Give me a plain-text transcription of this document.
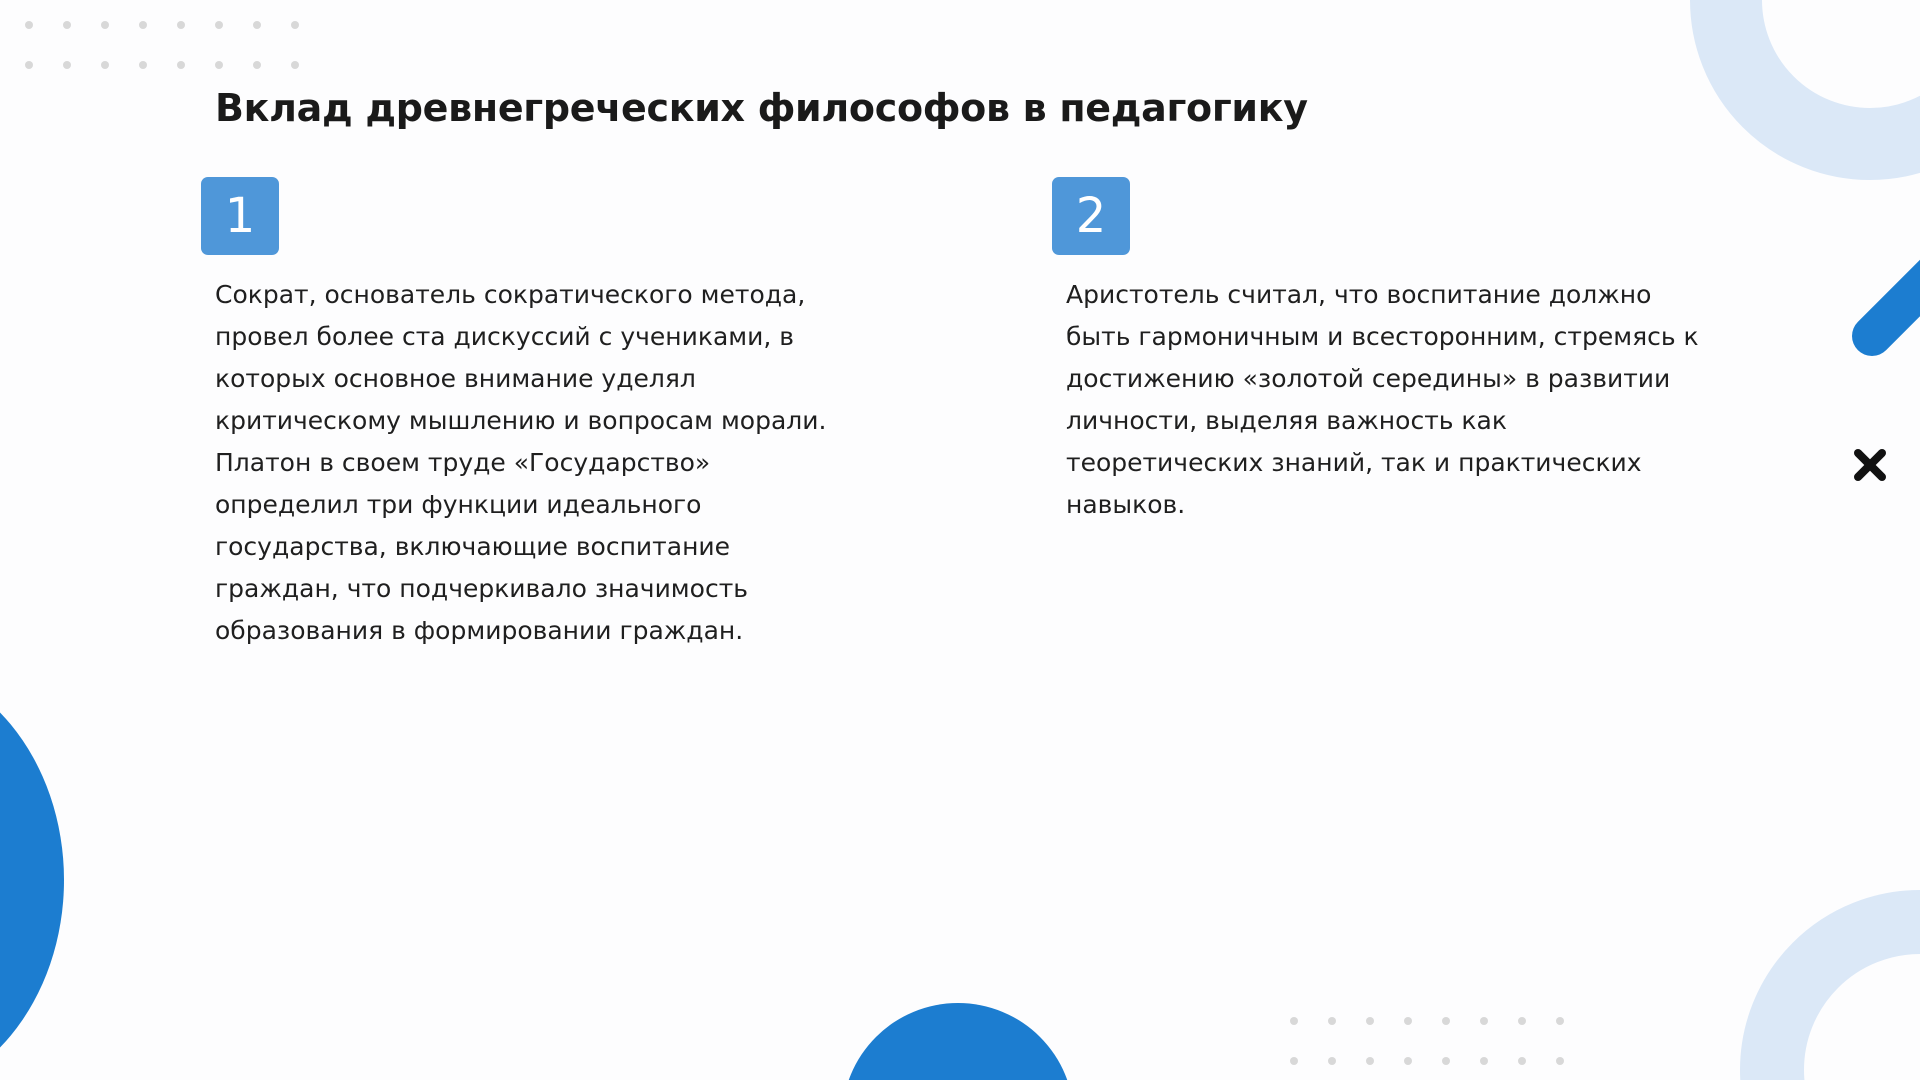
Вклад древнегреческих философов в педагогику
1

Сократ, основатель сократического метода, провел более ста дискуссий с учениками, в которых основное внимание уделял критическому мышлению и вопросам морали. Платон в своем труде «Государство» определил три функции идеального государства, включающие воспитание граждан, что подчеркивало значимость образования в формировании граждан.

2

Аристотель считал, что воспитание должно быть гармоничным и всесторонним, стремясь к достижению «золотой середины» в развитии личности, выделяя важность как теоретических знаний, так и практических навыков.
